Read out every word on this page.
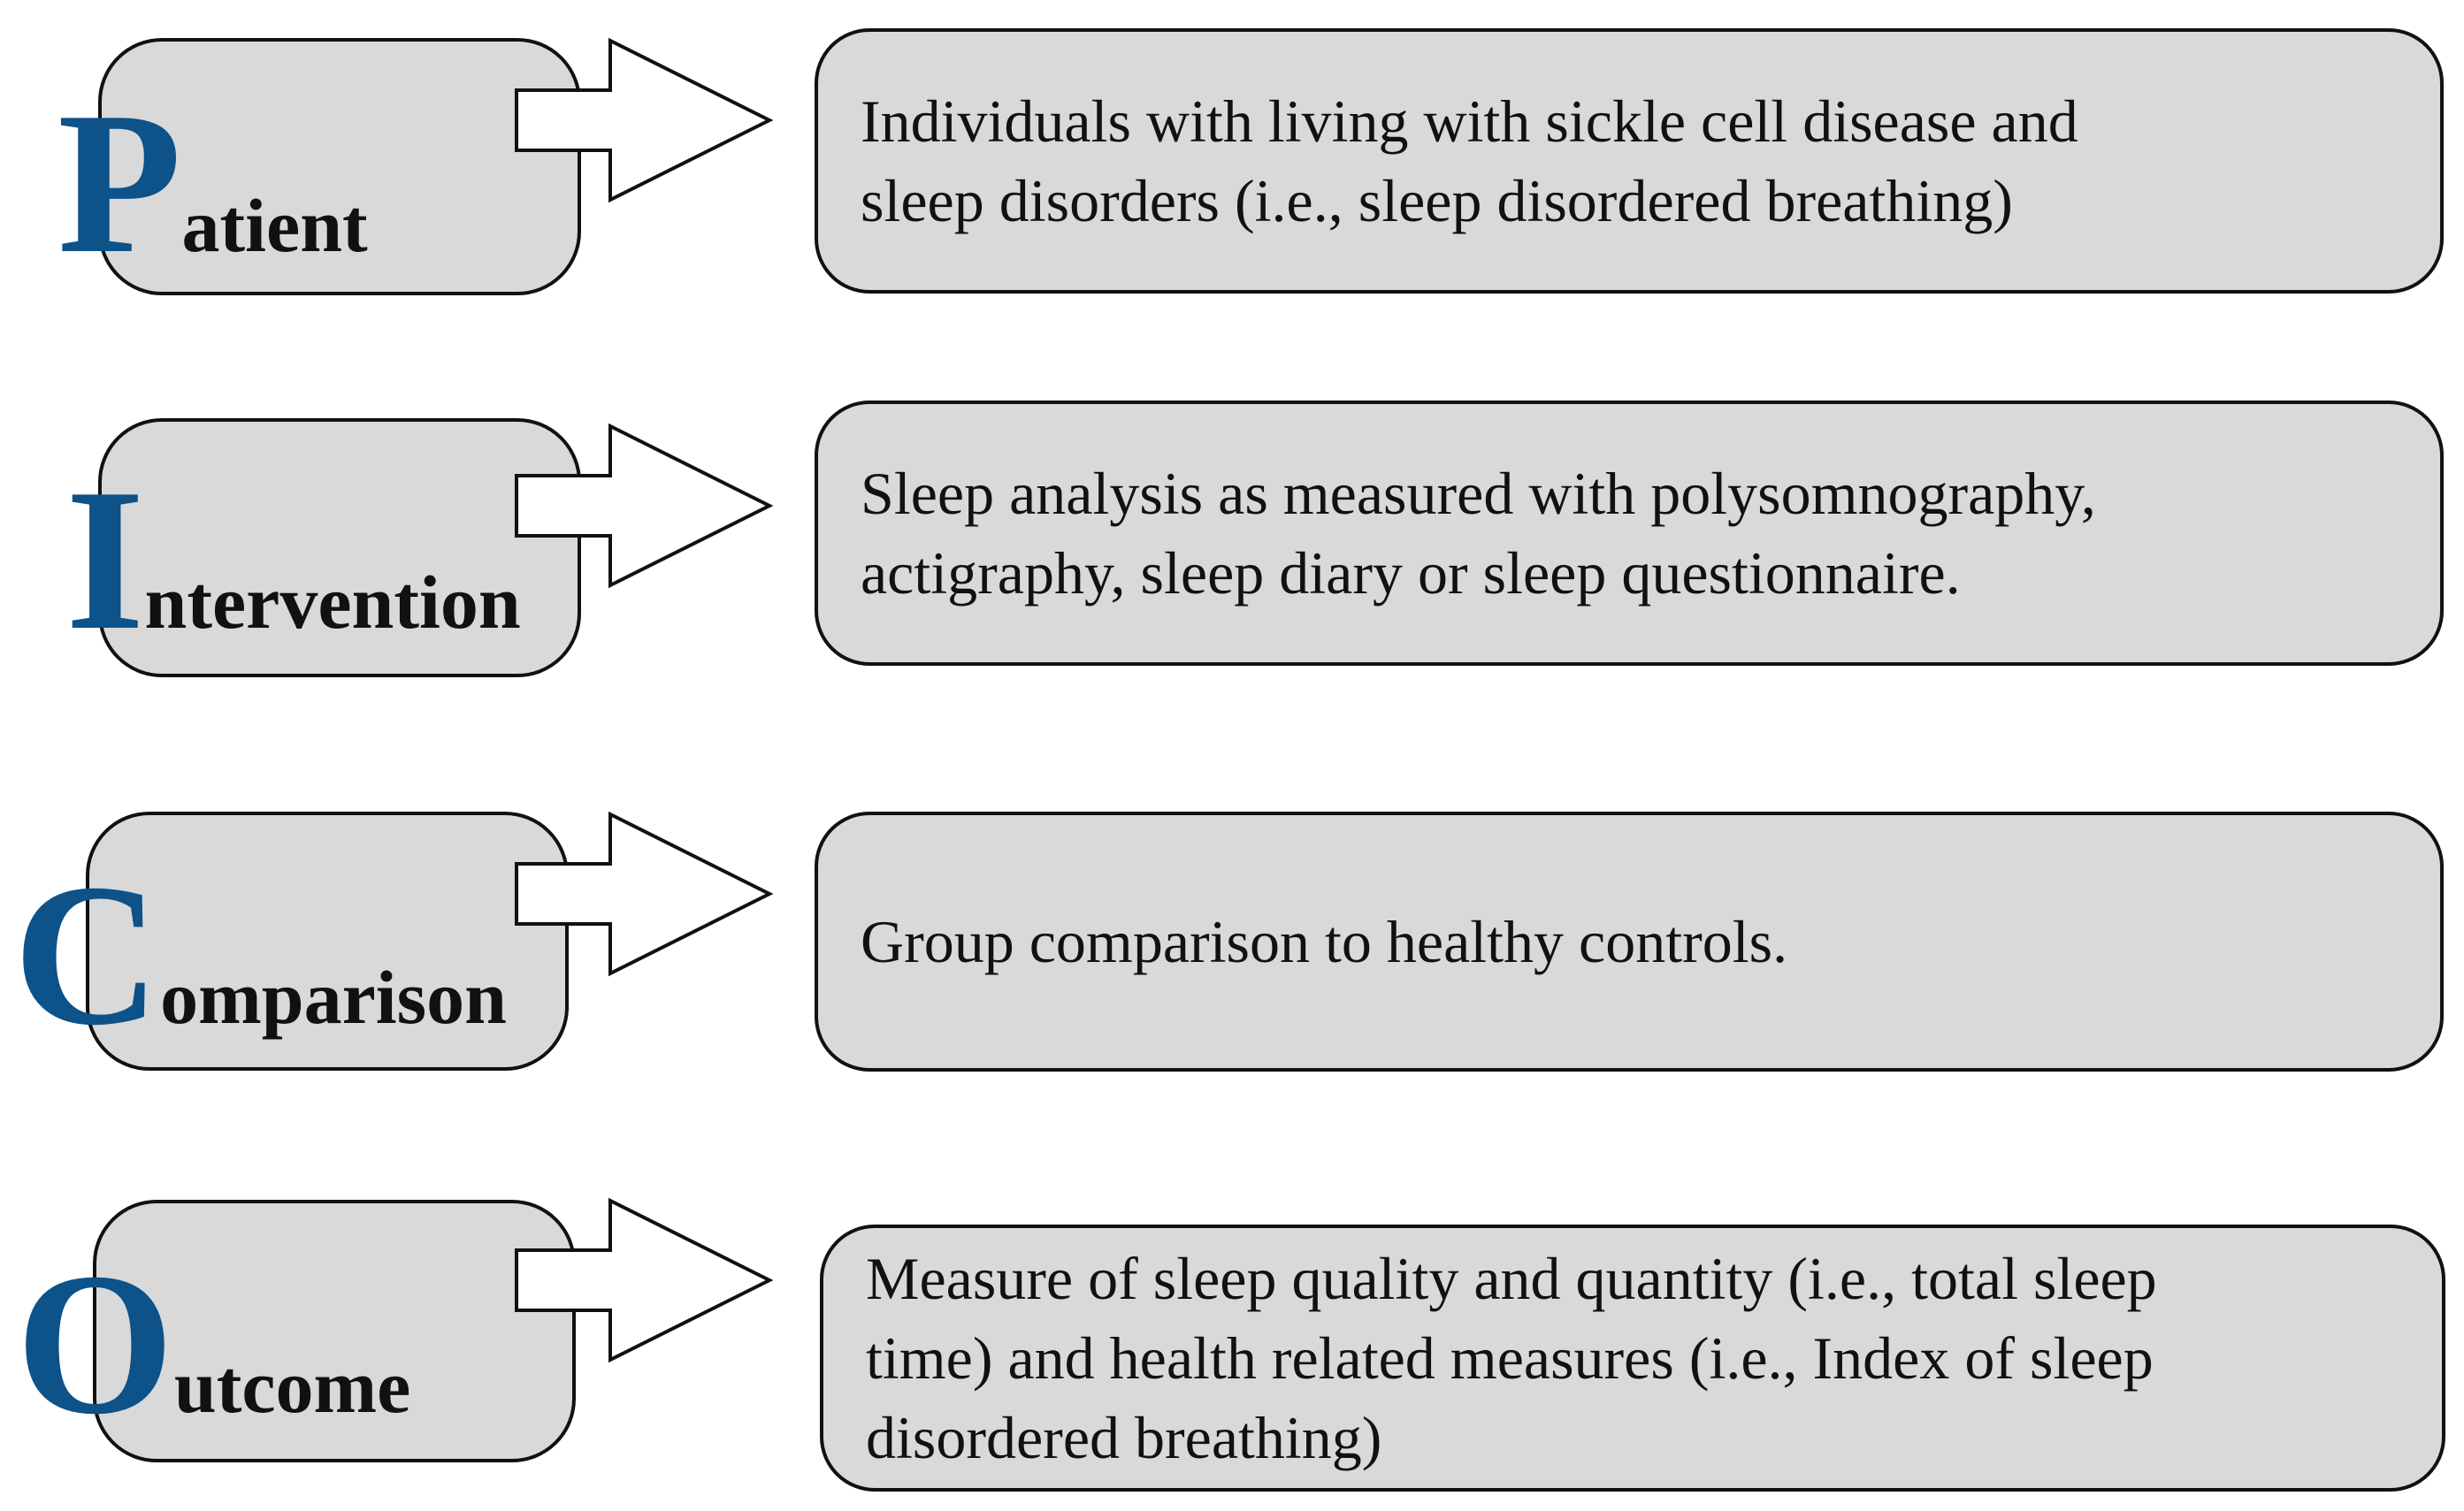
Patient
Individuals with living with sickle cell disease and
sleep disorders (i.e., sleep disordered breathing)
Intervention
Sleep analysis as measured with polysomnography,
actigraphy, sleep diary or sleep questionnaire.
Comparison
Group comparison to healthy controls.
Outcome
Measure of sleep quality and quantity (i.e., total sleep
time) and health related measures (i.e., Index of sleep
disordered breathing)
